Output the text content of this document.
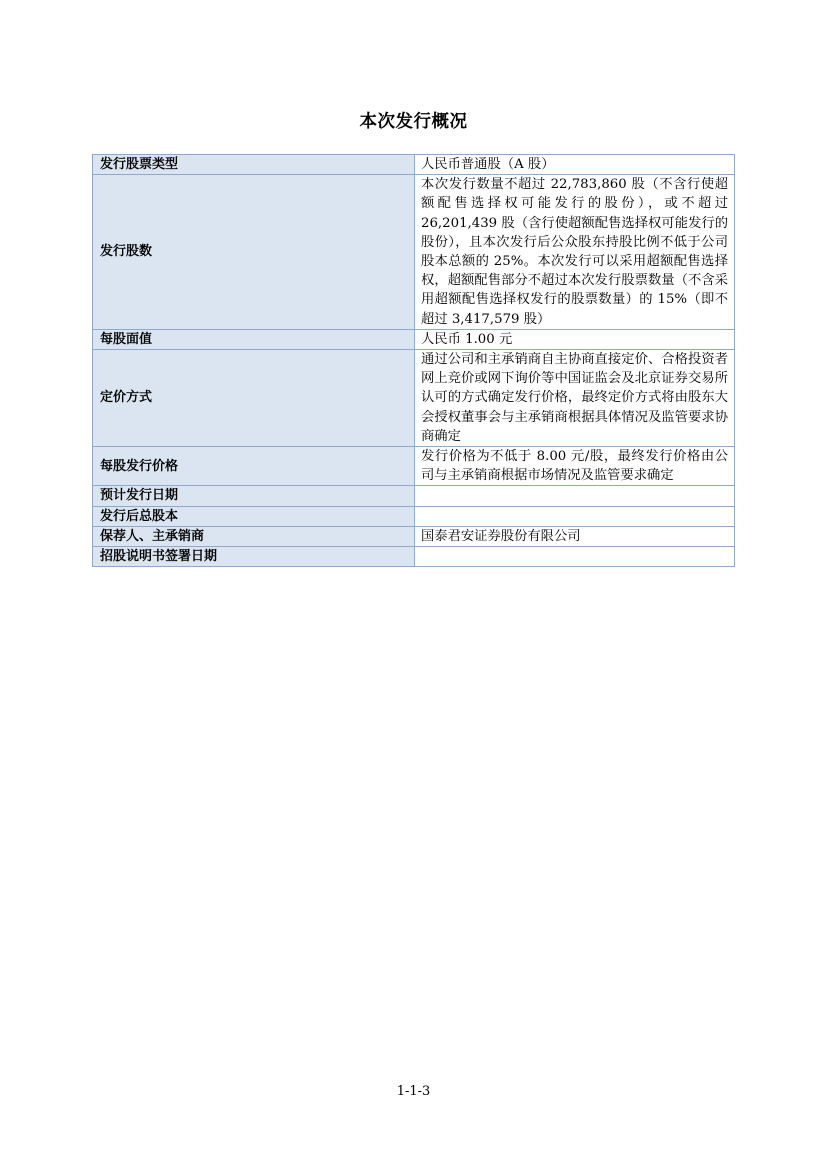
本次发行概况
发行股票类型	人民币普通股（A 股）
发行股数	本次发行数量不超过 22,783,860 股（不含行使超额配售选择权可能发行的股份），或不超过 26,201,439 股（含行使超额配售选择权可能发行的股份），且本次发行后公众股东持股比例不低于公司股本总额的 25%。本次发行可以采用超额配售选择权，超额配售部分不超过本次发行股票数量（不含采用超额配售选择权发行的股票数量）的 15%（即不超过 3,417,579 股）
每股面值	人民币 1.00 元
定价方式	通过公司和主承销商自主协商直接定价、合格投资者网上竞价或网下询价等中国证监会及北京证券交易所认可的方式确定发行价格，最终定价方式将由股东大会授权董事会与主承销商根据具体情况及监管要求协商确定
每股发行价格	发行价格为不低于 8.00 元/股，最终发行价格由公司与主承销商根据市场情况及监管要求确定
预计发行日期	
发行后总股本	
保荐人、主承销商	国泰君安证券股份有限公司
招股说明书签署日期	
1-1-3
